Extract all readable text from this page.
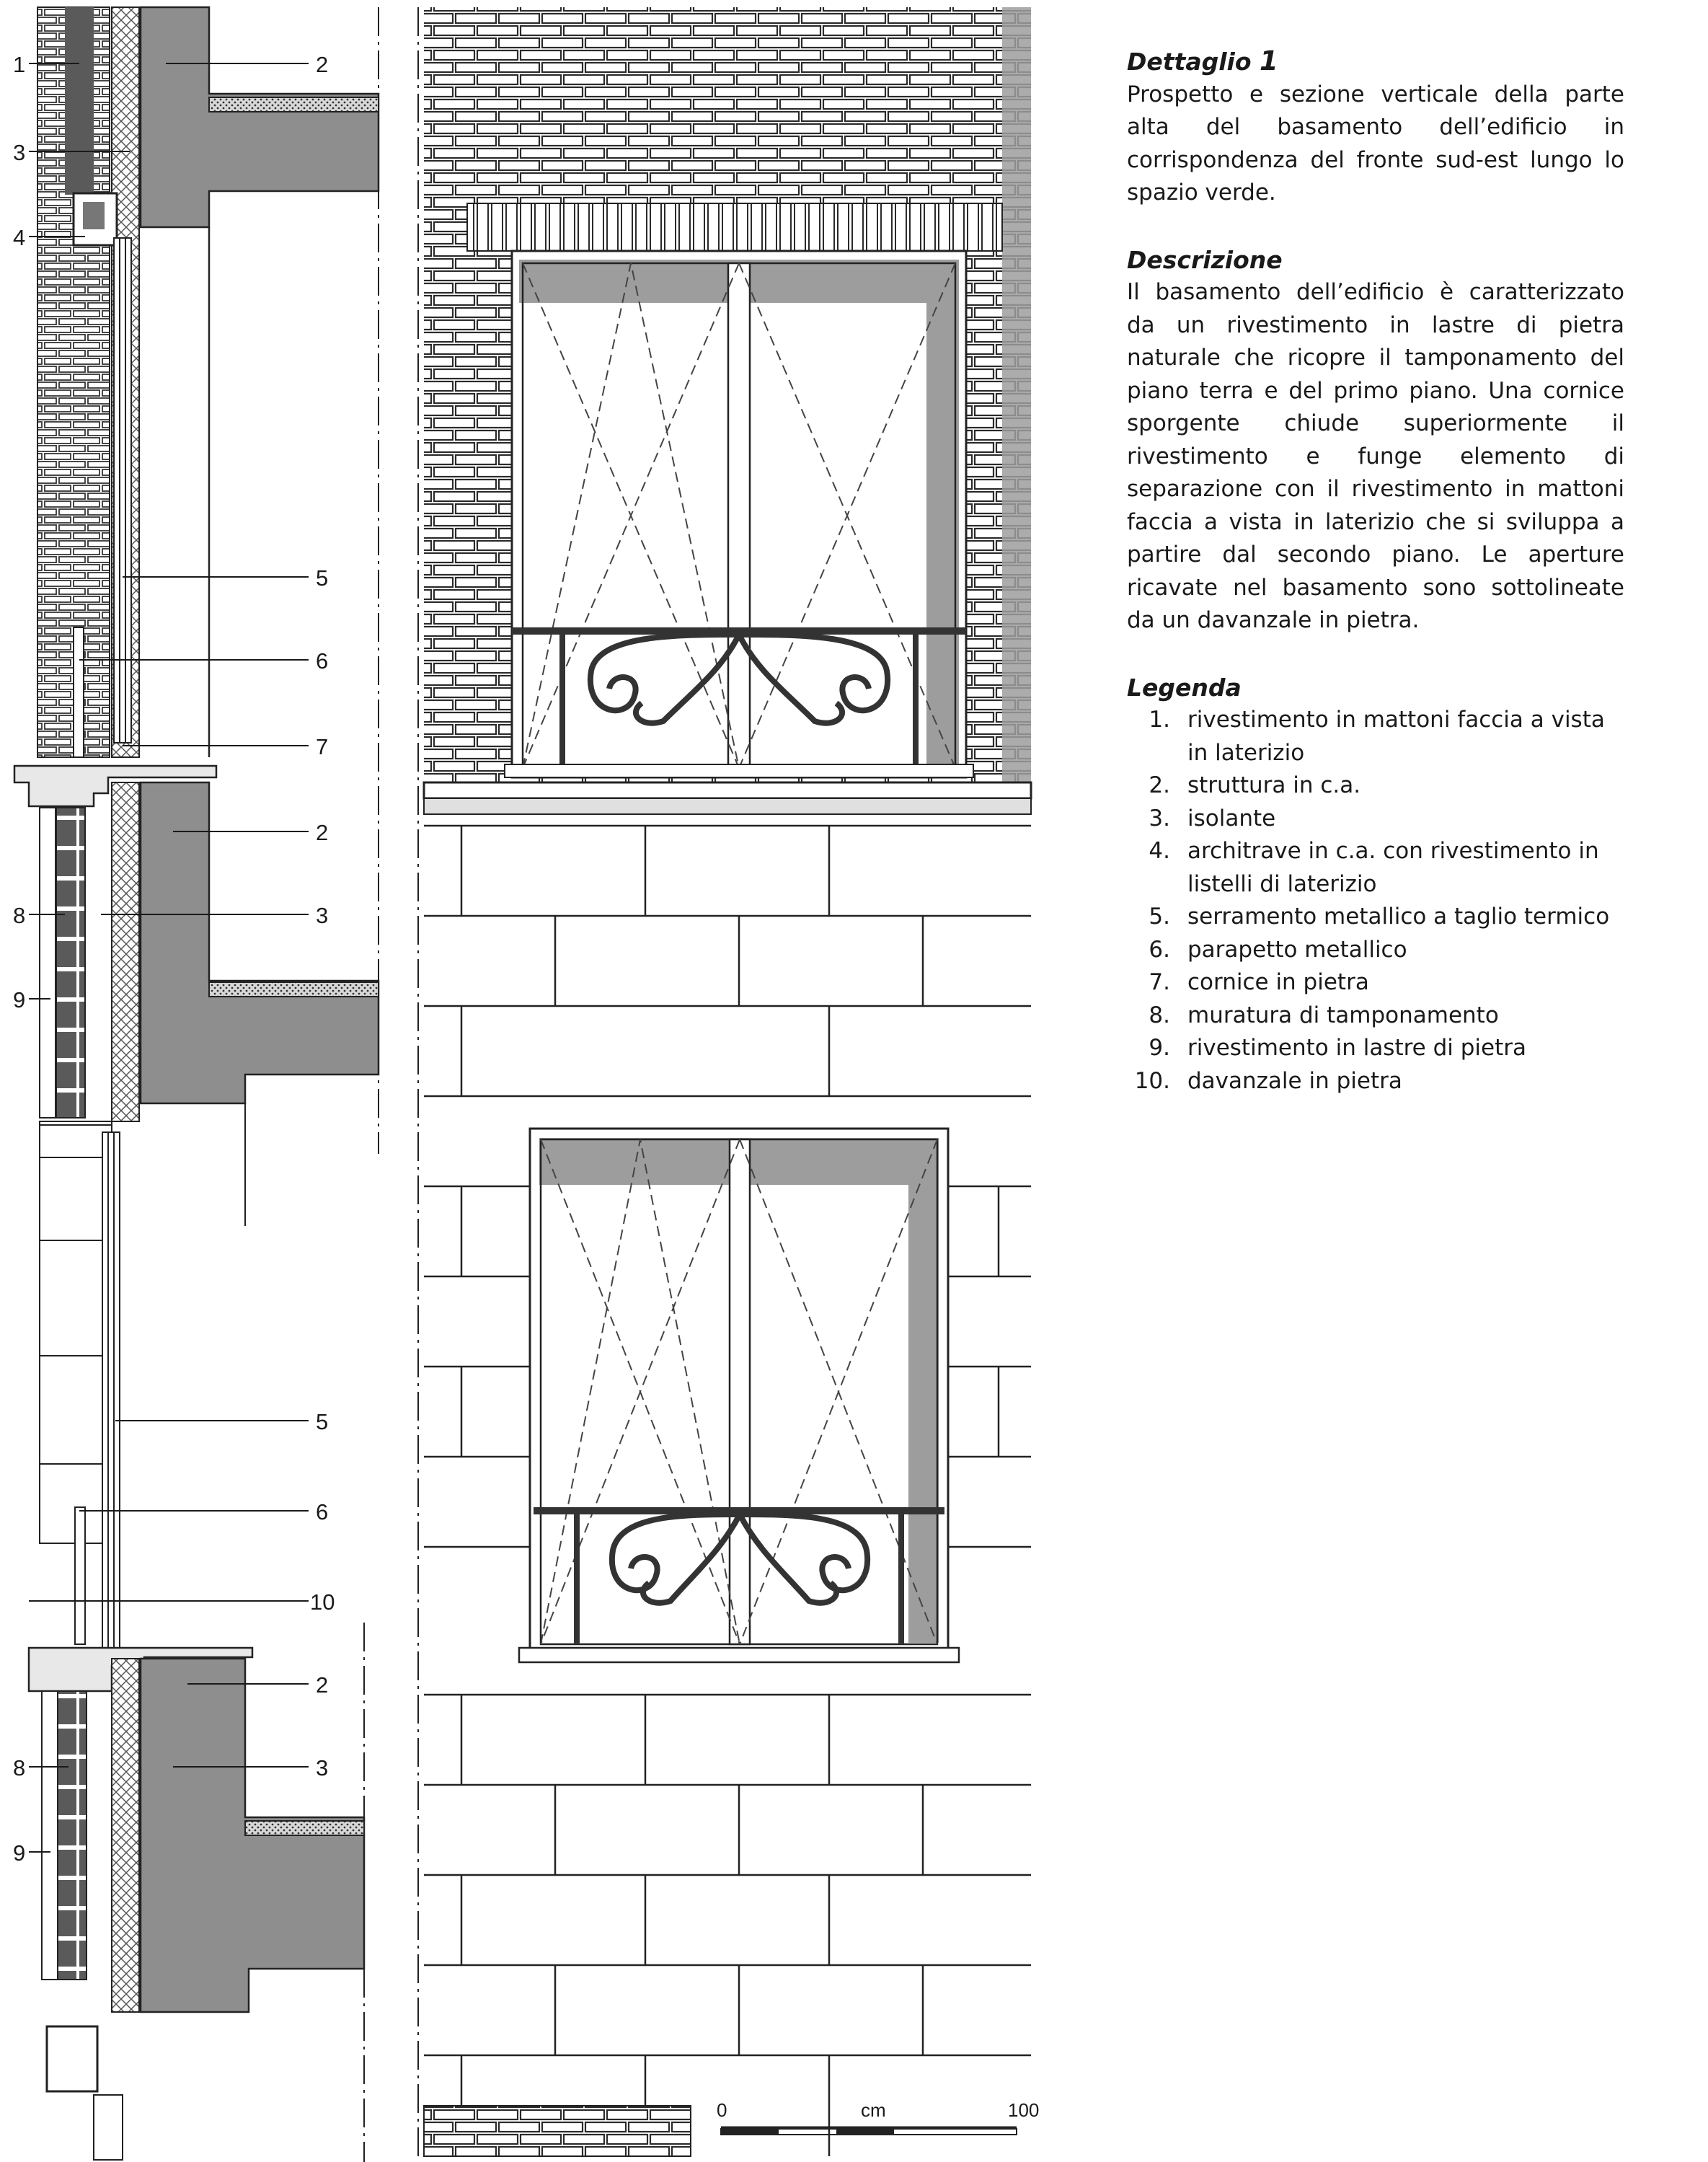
1
3
4
8
9
8
9
2
5
6
7
2
3
5
6
10
2
3
0	cm	100

Dettaglio 1

Prospetto e sezione verticale della parte alta del basamento dell’edificio in corrispondenza del fronte sud-est lungo lo spazio verde.

Descrizione

Il basamento dell’edificio è caratterizzato da un rivestimento in lastre di pietra naturale che ricopre il tamponamento del piano terra e del primo piano. Una cornice sporgente chiude superiormente il rivestimento e funge elemento di separazione con il rivestimento in mattoni faccia a vista in laterizio che si sviluppa a partire dal secondo piano. Le aperture ricavate nel basamento sono sottolineate da un davanzale in pietra.

Legenda

1. rivestimento in mattoni faccia a vista in laterizio
2. struttura in c.a.
3. isolante
4. architrave in c.a. con rivestimento in listelli di laterizio
5. serramento metallico a taglio termico
6. parapetto metallico
7. cornice in pietra
8. muratura di tamponamento
9. rivestimento in lastre di pietra
10. davanzale in pietra
